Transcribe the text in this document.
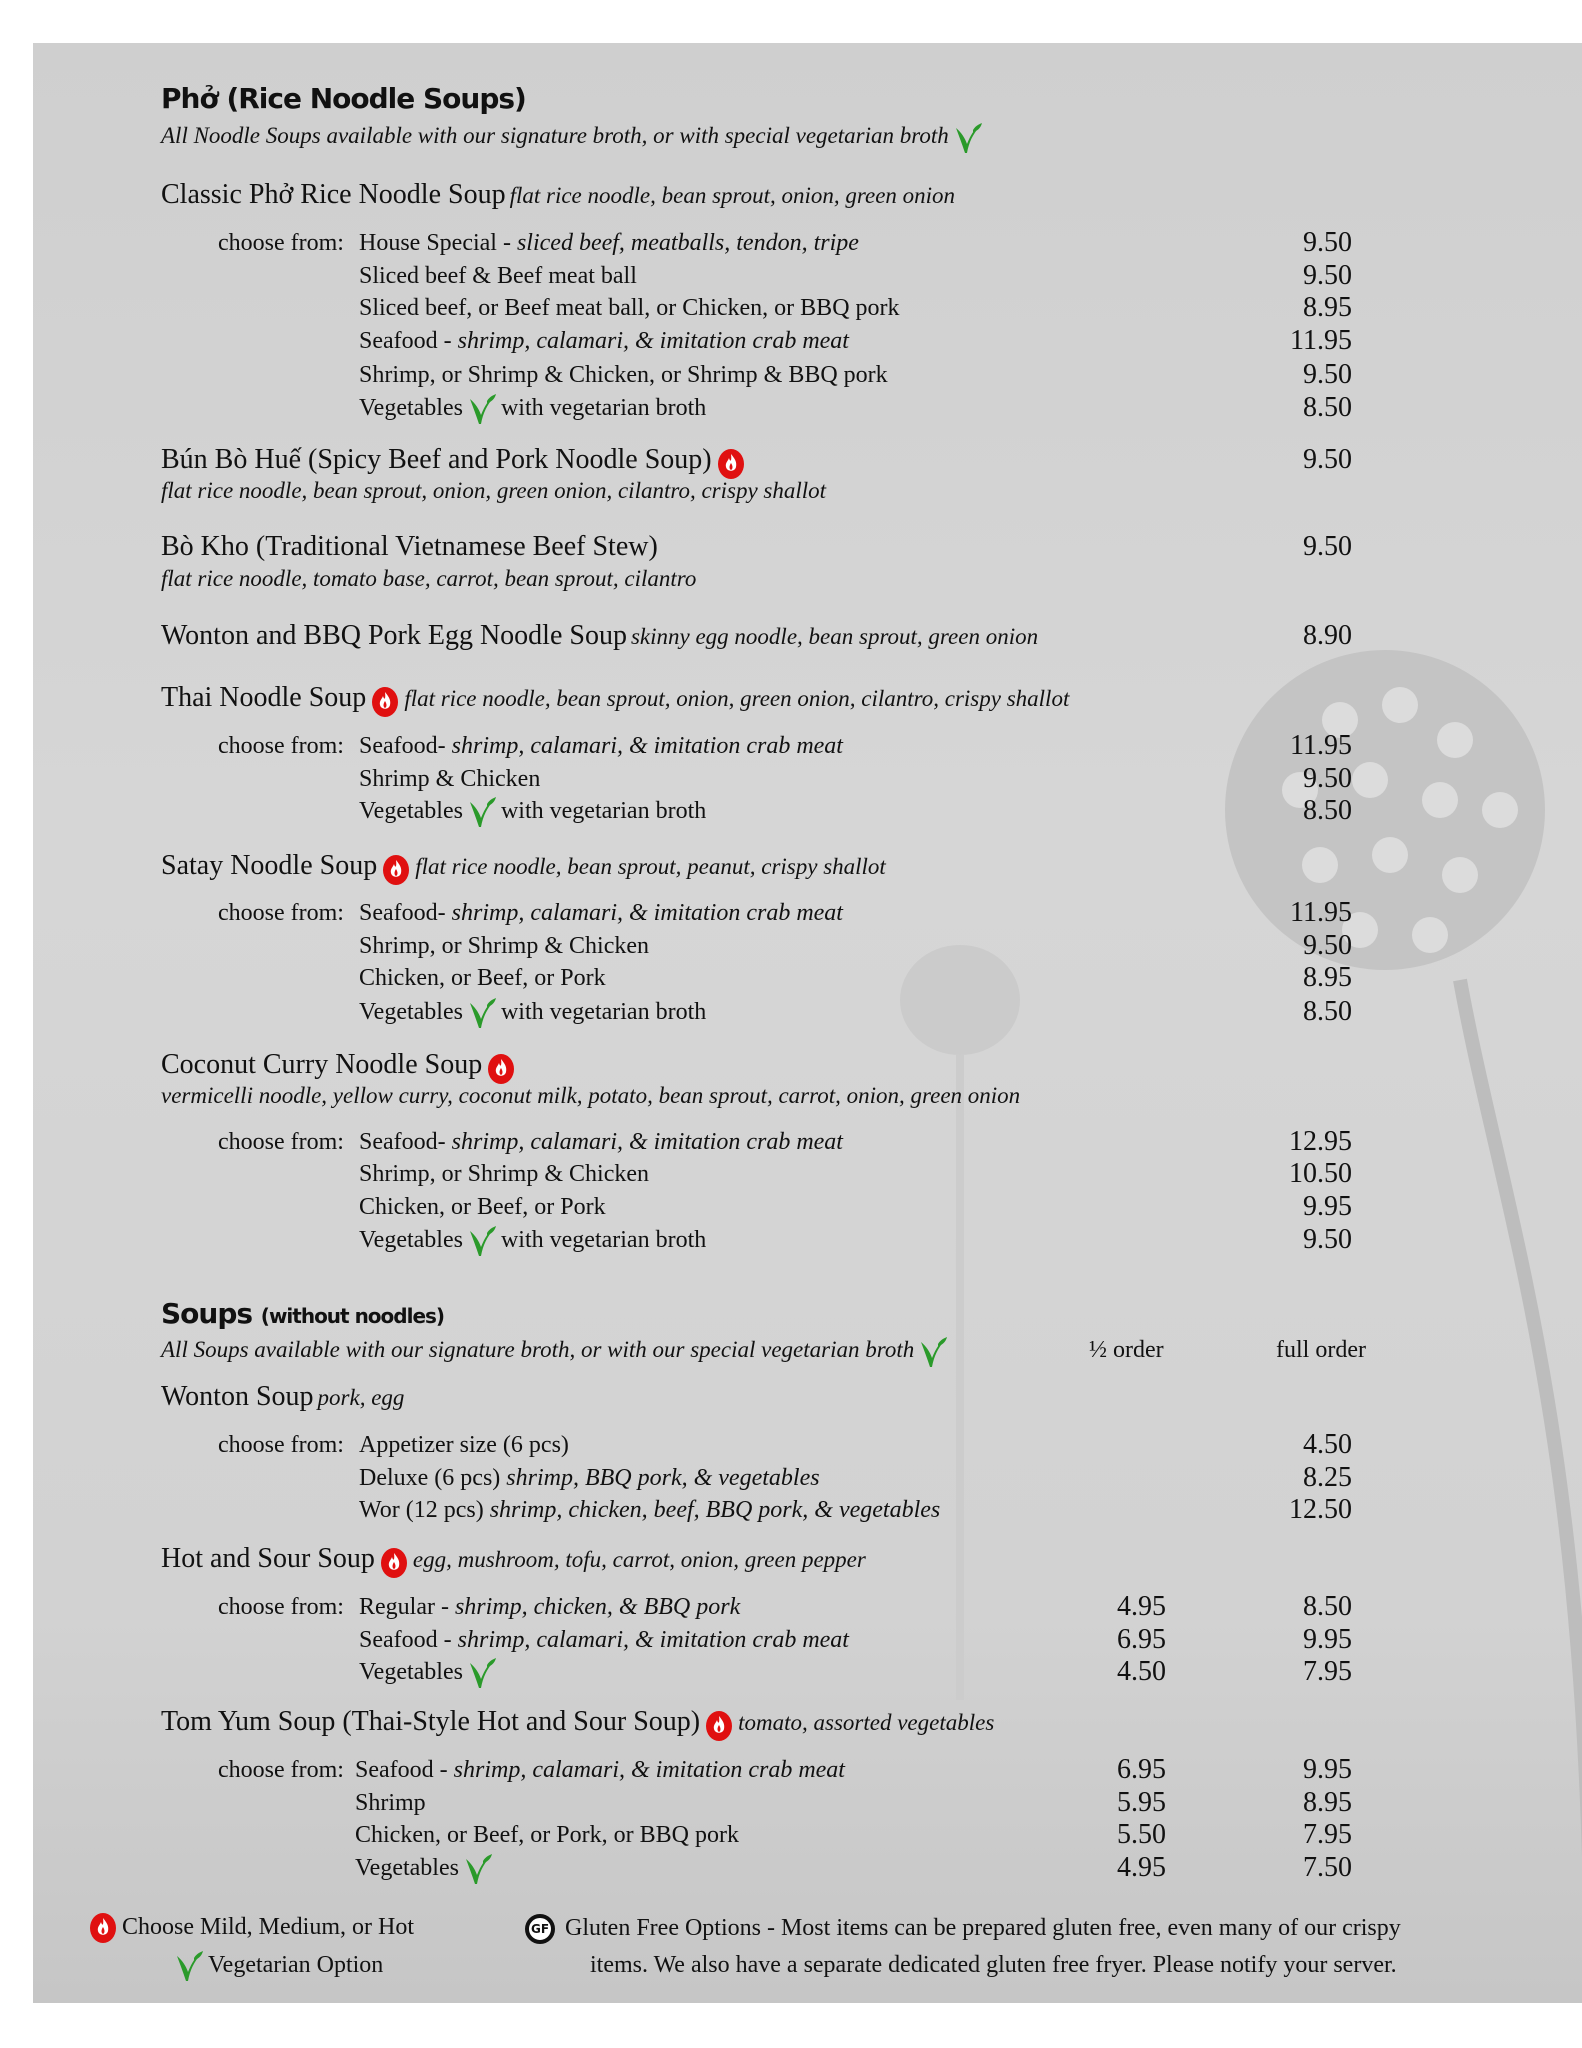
Phở (Rice Noodle Soups)
All Noodle Soups available with our signature broth, or with special vegetarian broth
Classic Phở Rice Noodle Soup flat rice noodle, bean sprout, onion, green onion
choose from: House Special - sliced beef, meatballs, tendon, tripe	9.50
Sliced beef & Beef meat ball	9.50
Sliced beef, or Beef meat ball, or Chicken, or BBQ pork	8.95
Seafood - shrimp, calamari, & imitation crab meat	11.95
Shrimp, or Shrimp & Chicken, or Shrimp & BBQ pork	9.50
Vegetables with vegetarian broth	8.50
Bún Bò Huế (Spicy Beef and Pork Noodle Soup)	9.50
flat rice noodle, bean sprout, onion, green onion, cilantro, crispy shallot
Bò Kho (Traditional Vietnamese Beef Stew)	9.50
flat rice noodle, tomato base, carrot, bean sprout, cilantro
Wonton and BBQ Pork Egg Noodle Soup skinny egg noodle, bean sprout, green onion	8.90
Thai Noodle Soup flat rice noodle, bean sprout, onion, green onion, cilantro, crispy shallot
choose from: Seafood- shrimp, calamari, & imitation crab meat	11.95
Shrimp & Chicken	9.50
Vegetables with vegetarian broth	8.50
Satay Noodle Soup flat rice noodle, bean sprout, peanut, crispy shallot
choose from: Seafood- shrimp, calamari, & imitation crab meat	11.95
Shrimp, or Shrimp & Chicken	9.50
Chicken, or Beef, or Pork	8.95
Vegetables with vegetarian broth	8.50
Coconut Curry Noodle Soup
vermicelli noodle, yellow curry, coconut milk, potato, bean sprout, carrot, onion, green onion
choose from: Seafood- shrimp, calamari, & imitation crab meat	12.95
Shrimp, or Shrimp & Chicken	10.50
Chicken, or Beef, or Pork	9.95
Vegetables with vegetarian broth	9.50
Soups (without noodles)
All Soups available with our signature broth, or with our special vegetarian broth	½ order	full order
Wonton Soup pork, egg
choose from: Appetizer size (6 pcs)	4.50
Deluxe (6 pcs) shrimp, BBQ pork, & vegetables	8.25
Wor (12 pcs) shrimp, chicken, beef, BBQ pork, & vegetables	12.50
Hot and Sour Soup egg, mushroom, tofu, carrot, onion, green pepper
choose from: Regular - shrimp, chicken, & BBQ pork	4.95	8.50
Seafood - shrimp, calamari, & imitation crab meat	6.95	9.95
Vegetables	4.50	7.95
Tom Yum Soup (Thai-Style Hot and Sour Soup) tomato, assorted vegetables
choose from: Seafood - shrimp, calamari, & imitation crab meat	6.95	9.95
Shrimp	5.95	8.95
Chicken, or Beef, or Pork, or BBQ pork	5.50	7.95
Vegetables	4.95	7.50
Choose Mild, Medium, or Hot
Vegetarian Option
GF Gluten Free Options - Most items can be prepared gluten free, even many of our crispy
items. We also have a separate dedicated gluten free fryer. Please notify your server.
